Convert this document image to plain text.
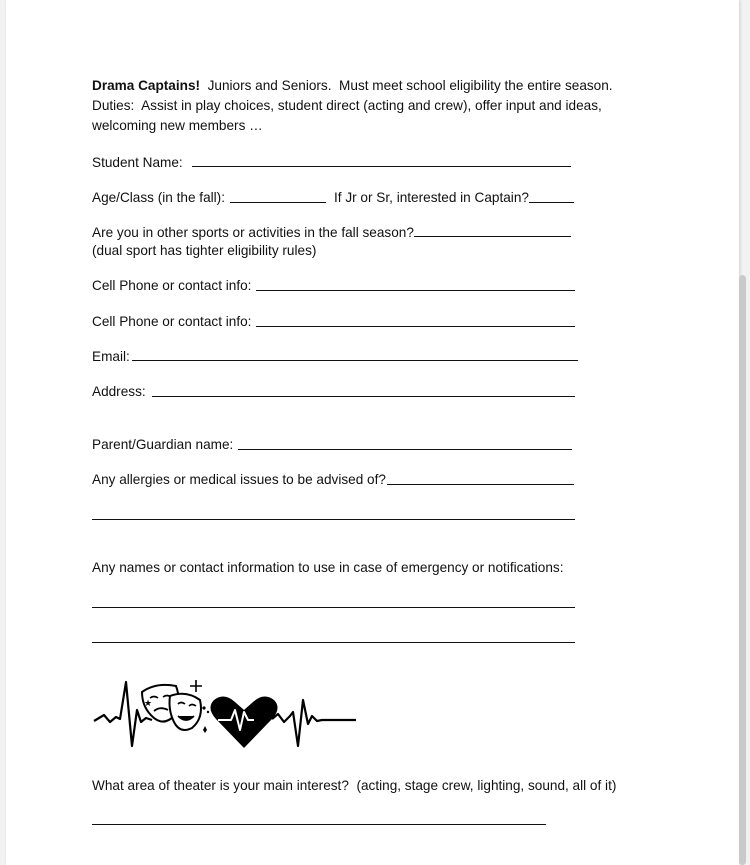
Drama Captains!  Juniors and Seniors.  Must meet school eligibility the entire season.
Duties:  Assist in play choices, student direct (acting and crew), offer input and ideas,
welcoming new members …
Student Name:
Age/Class (in the fall):	If Jr or Sr, interested in Captain?
Are you in other sports or activities in the fall season?
(dual sport has tighter eligibility rules)
Cell Phone or contact info:
Cell Phone or contact info:
Email:
Address:
Parent/Guardian name:
Any allergies or medical issues to be advised of?
Any names or contact information to use in case of emergency or notifications:
★
What area of theater is your main interest?  (acting, stage crew, lighting, sound, all of it)
